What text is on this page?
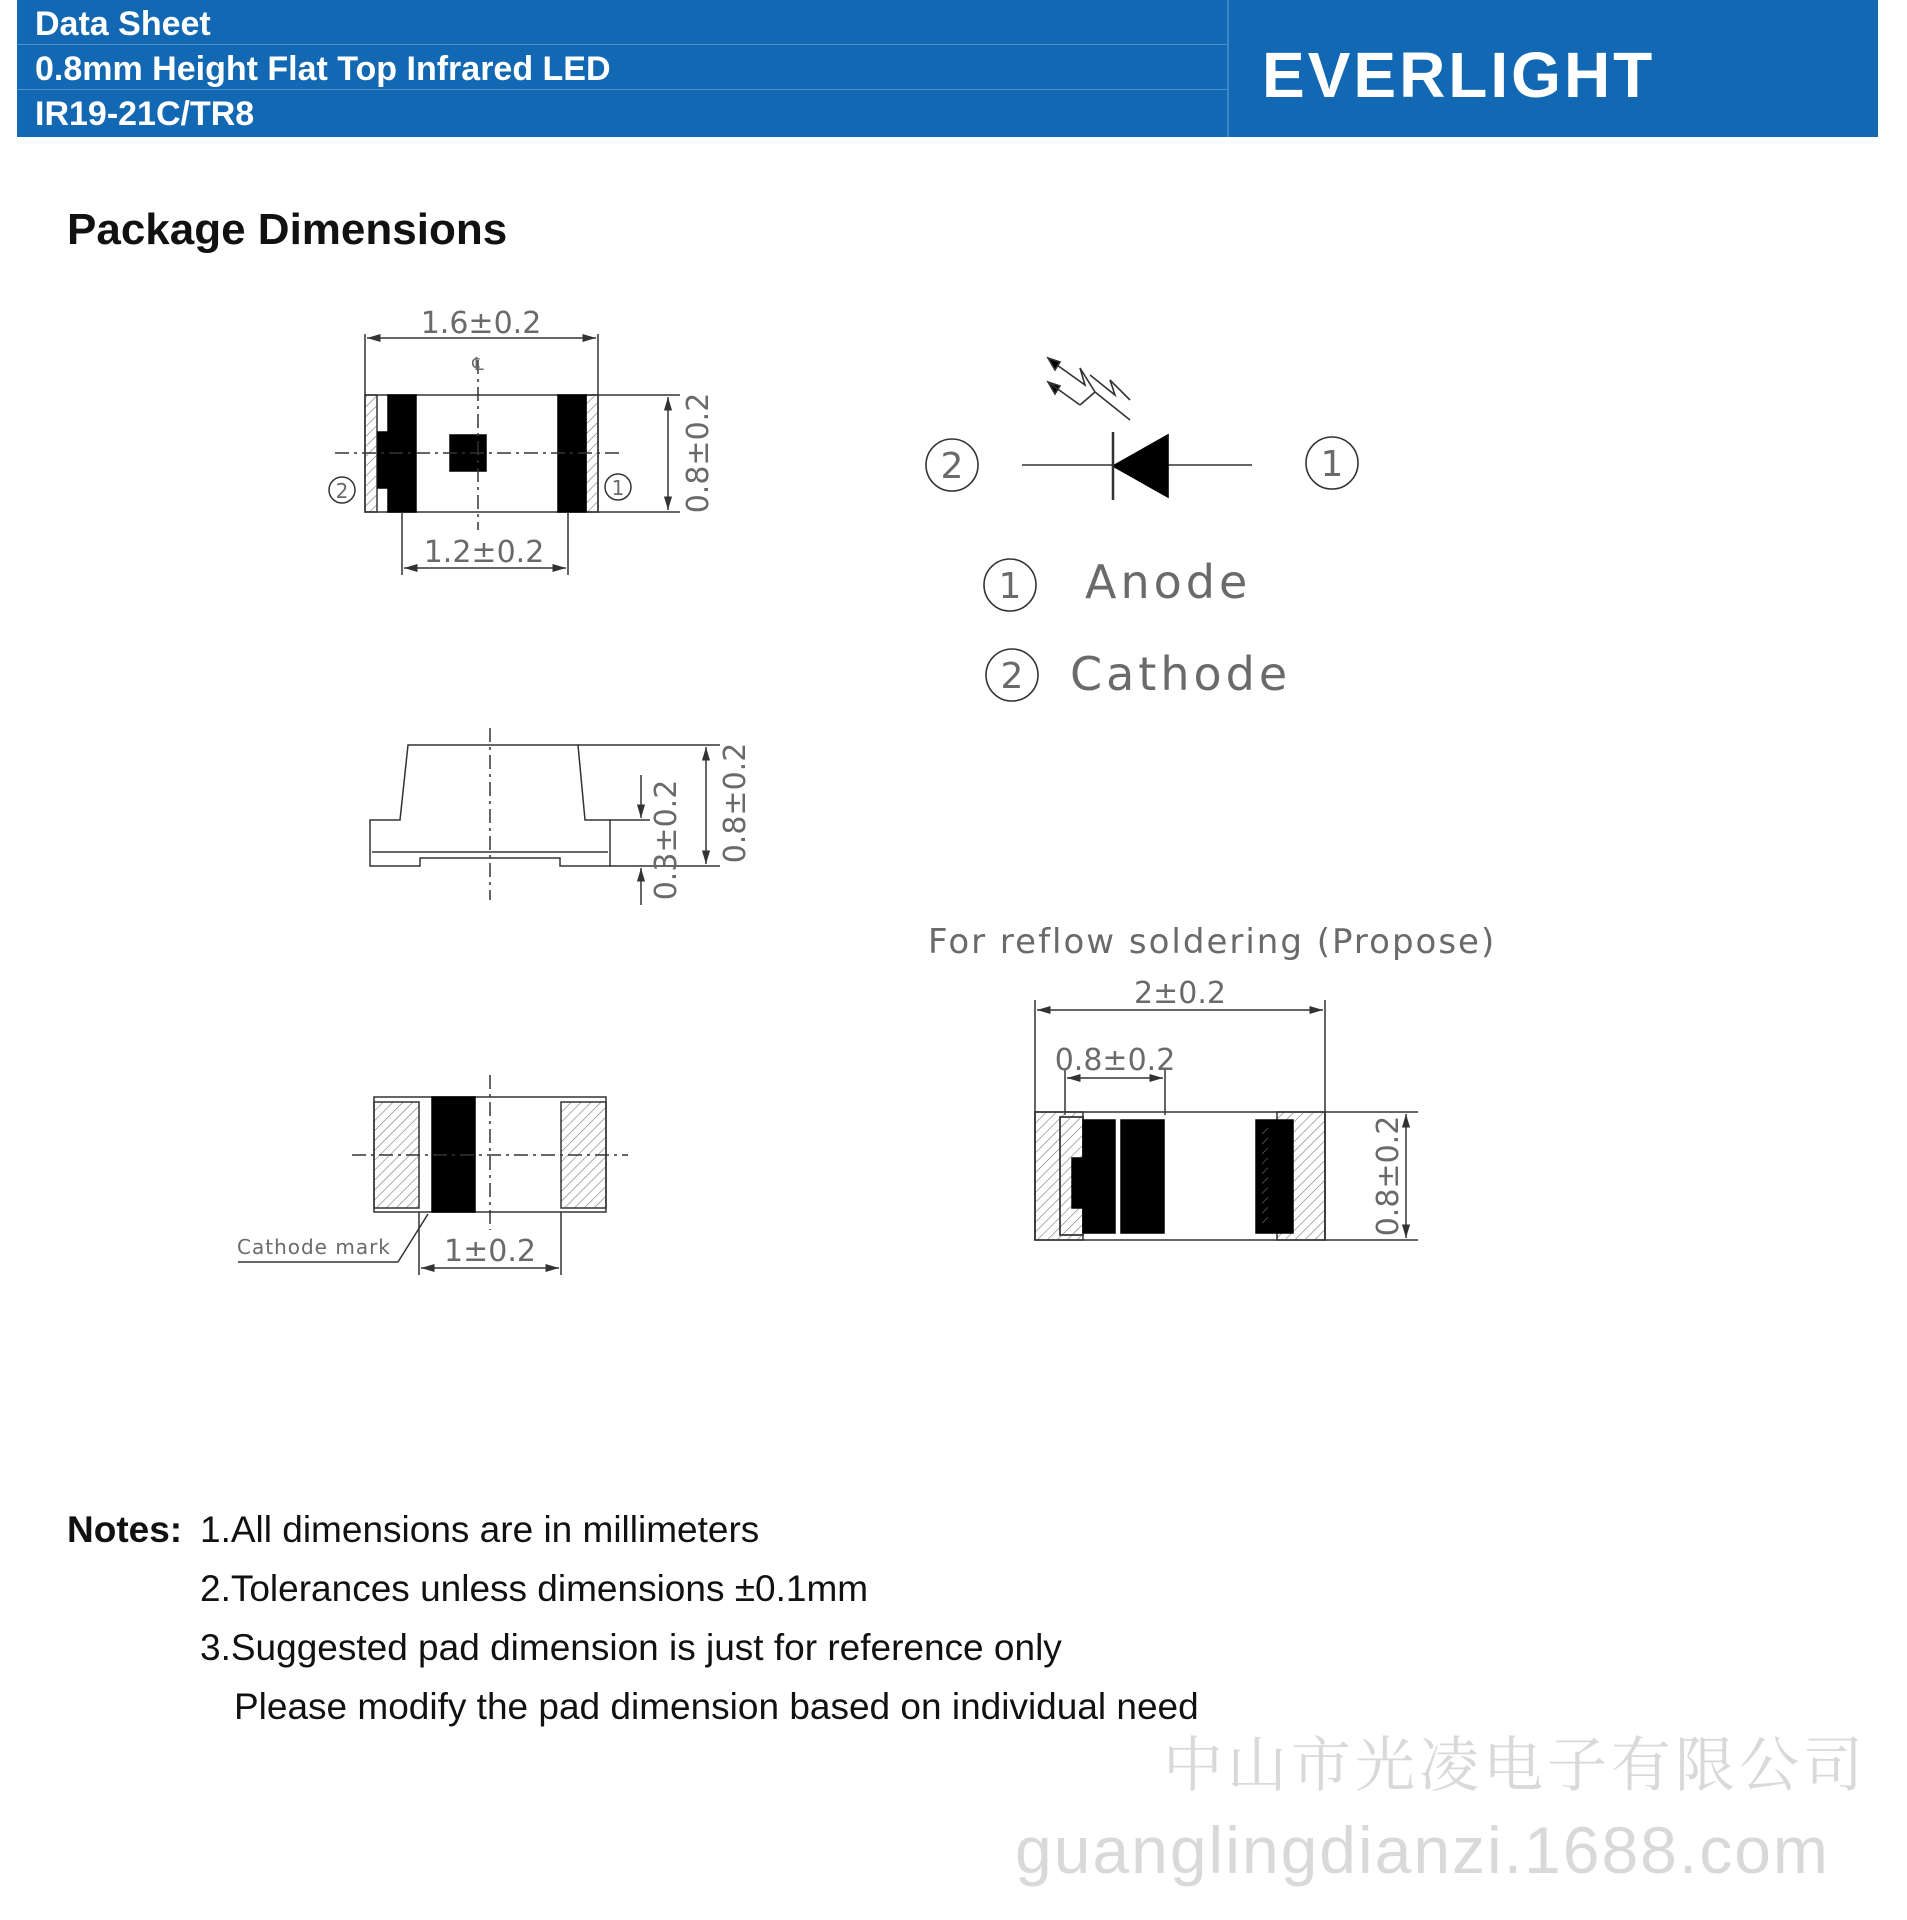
Data Sheet
0.8mm Height Flat Top Infrared LED
IR19-21C/TR8
EVERLIGHT
Package Dimensions
1.6±0.2
℄
2	1
1.2±0.2
0.8±0.2	2	1
1 Anode
2 Cathode
0.8±0.2
0.3±0.2
Cathode mark 1±0.2
For reflow soldering (Propose)
2±0.2
0.8±0.2
0.8±0.2
Notes: 1.All dimensions are in millimeters
2.Tolerances unless dimensions ±0.1mm
3.Suggested pad dimension is just for reference only
Please modify the pad dimension based on individual need
中山市光凌电子有限公司
guanglingdianzi.1688.com
